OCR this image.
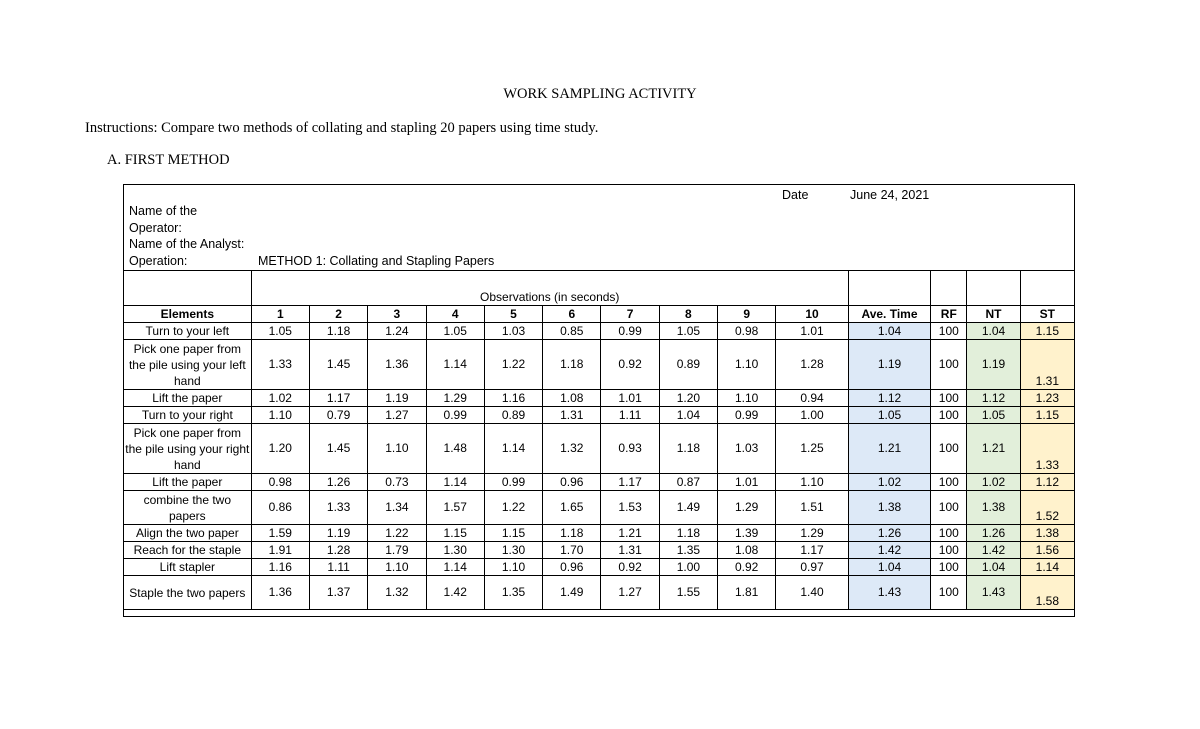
WORK SAMPLING ACTIVITY
Instructions: Compare two methods of collating and stapling 20 papers using time study.
A. FIRST METHOD
Date	June 24, 2021
Name of the Operator:
Name of the Analyst:
Operation:	METHOD 1: Collating and Stapling Papers
	Observations (in seconds)													
Elements	1	2	3	4	5	6	7	8	9	10	Ave. Time	RF	NT	ST
Turn to your left	1.05	1.18	1.24	1.05	1.03	0.85	0.99	1.05	0.98	1.01	1.04	100	1.04	1.15
Pick one paper from the pile using your left hand	1.33	1.45	1.36	1.14	1.22	1.18	0.92	0.89	1.10	1.28	1.19	100	1.19	1.31
Lift the paper	1.02	1.17	1.19	1.29	1.16	1.08	1.01	1.20	1.10	0.94	1.12	100	1.12	1.23
Turn to your right	1.10	0.79	1.27	0.99	0.89	1.31	1.11	1.04	0.99	1.00	1.05	100	1.05	1.15
Pick one paper from the pile using your right hand	1.20	1.45	1.10	1.48	1.14	1.32	0.93	1.18	1.03	1.25	1.21	100	1.21	1.33
Lift the paper	0.98	1.26	0.73	1.14	0.99	0.96	1.17	0.87	1.01	1.10	1.02	100	1.02	1.12
combine the two papers	0.86	1.33	1.34	1.57	1.22	1.65	1.53	1.49	1.29	1.51	1.38	100	1.38	1.52
Align the two paper	1.59	1.19	1.22	1.15	1.15	1.18	1.21	1.18	1.39	1.29	1.26	100	1.26	1.38
Reach for the staple	1.91	1.28	1.79	1.30	1.30	1.70	1.31	1.35	1.08	1.17	1.42	100	1.42	1.56
Lift stapler	1.16	1.11	1.10	1.14	1.10	0.96	0.92	1.00	0.92	0.97	1.04	100	1.04	1.14
Staple the two papers	1.36	1.37	1.32	1.42	1.35	1.49	1.27	1.55	1.81	1.40	1.43	100	1.43	1.58
